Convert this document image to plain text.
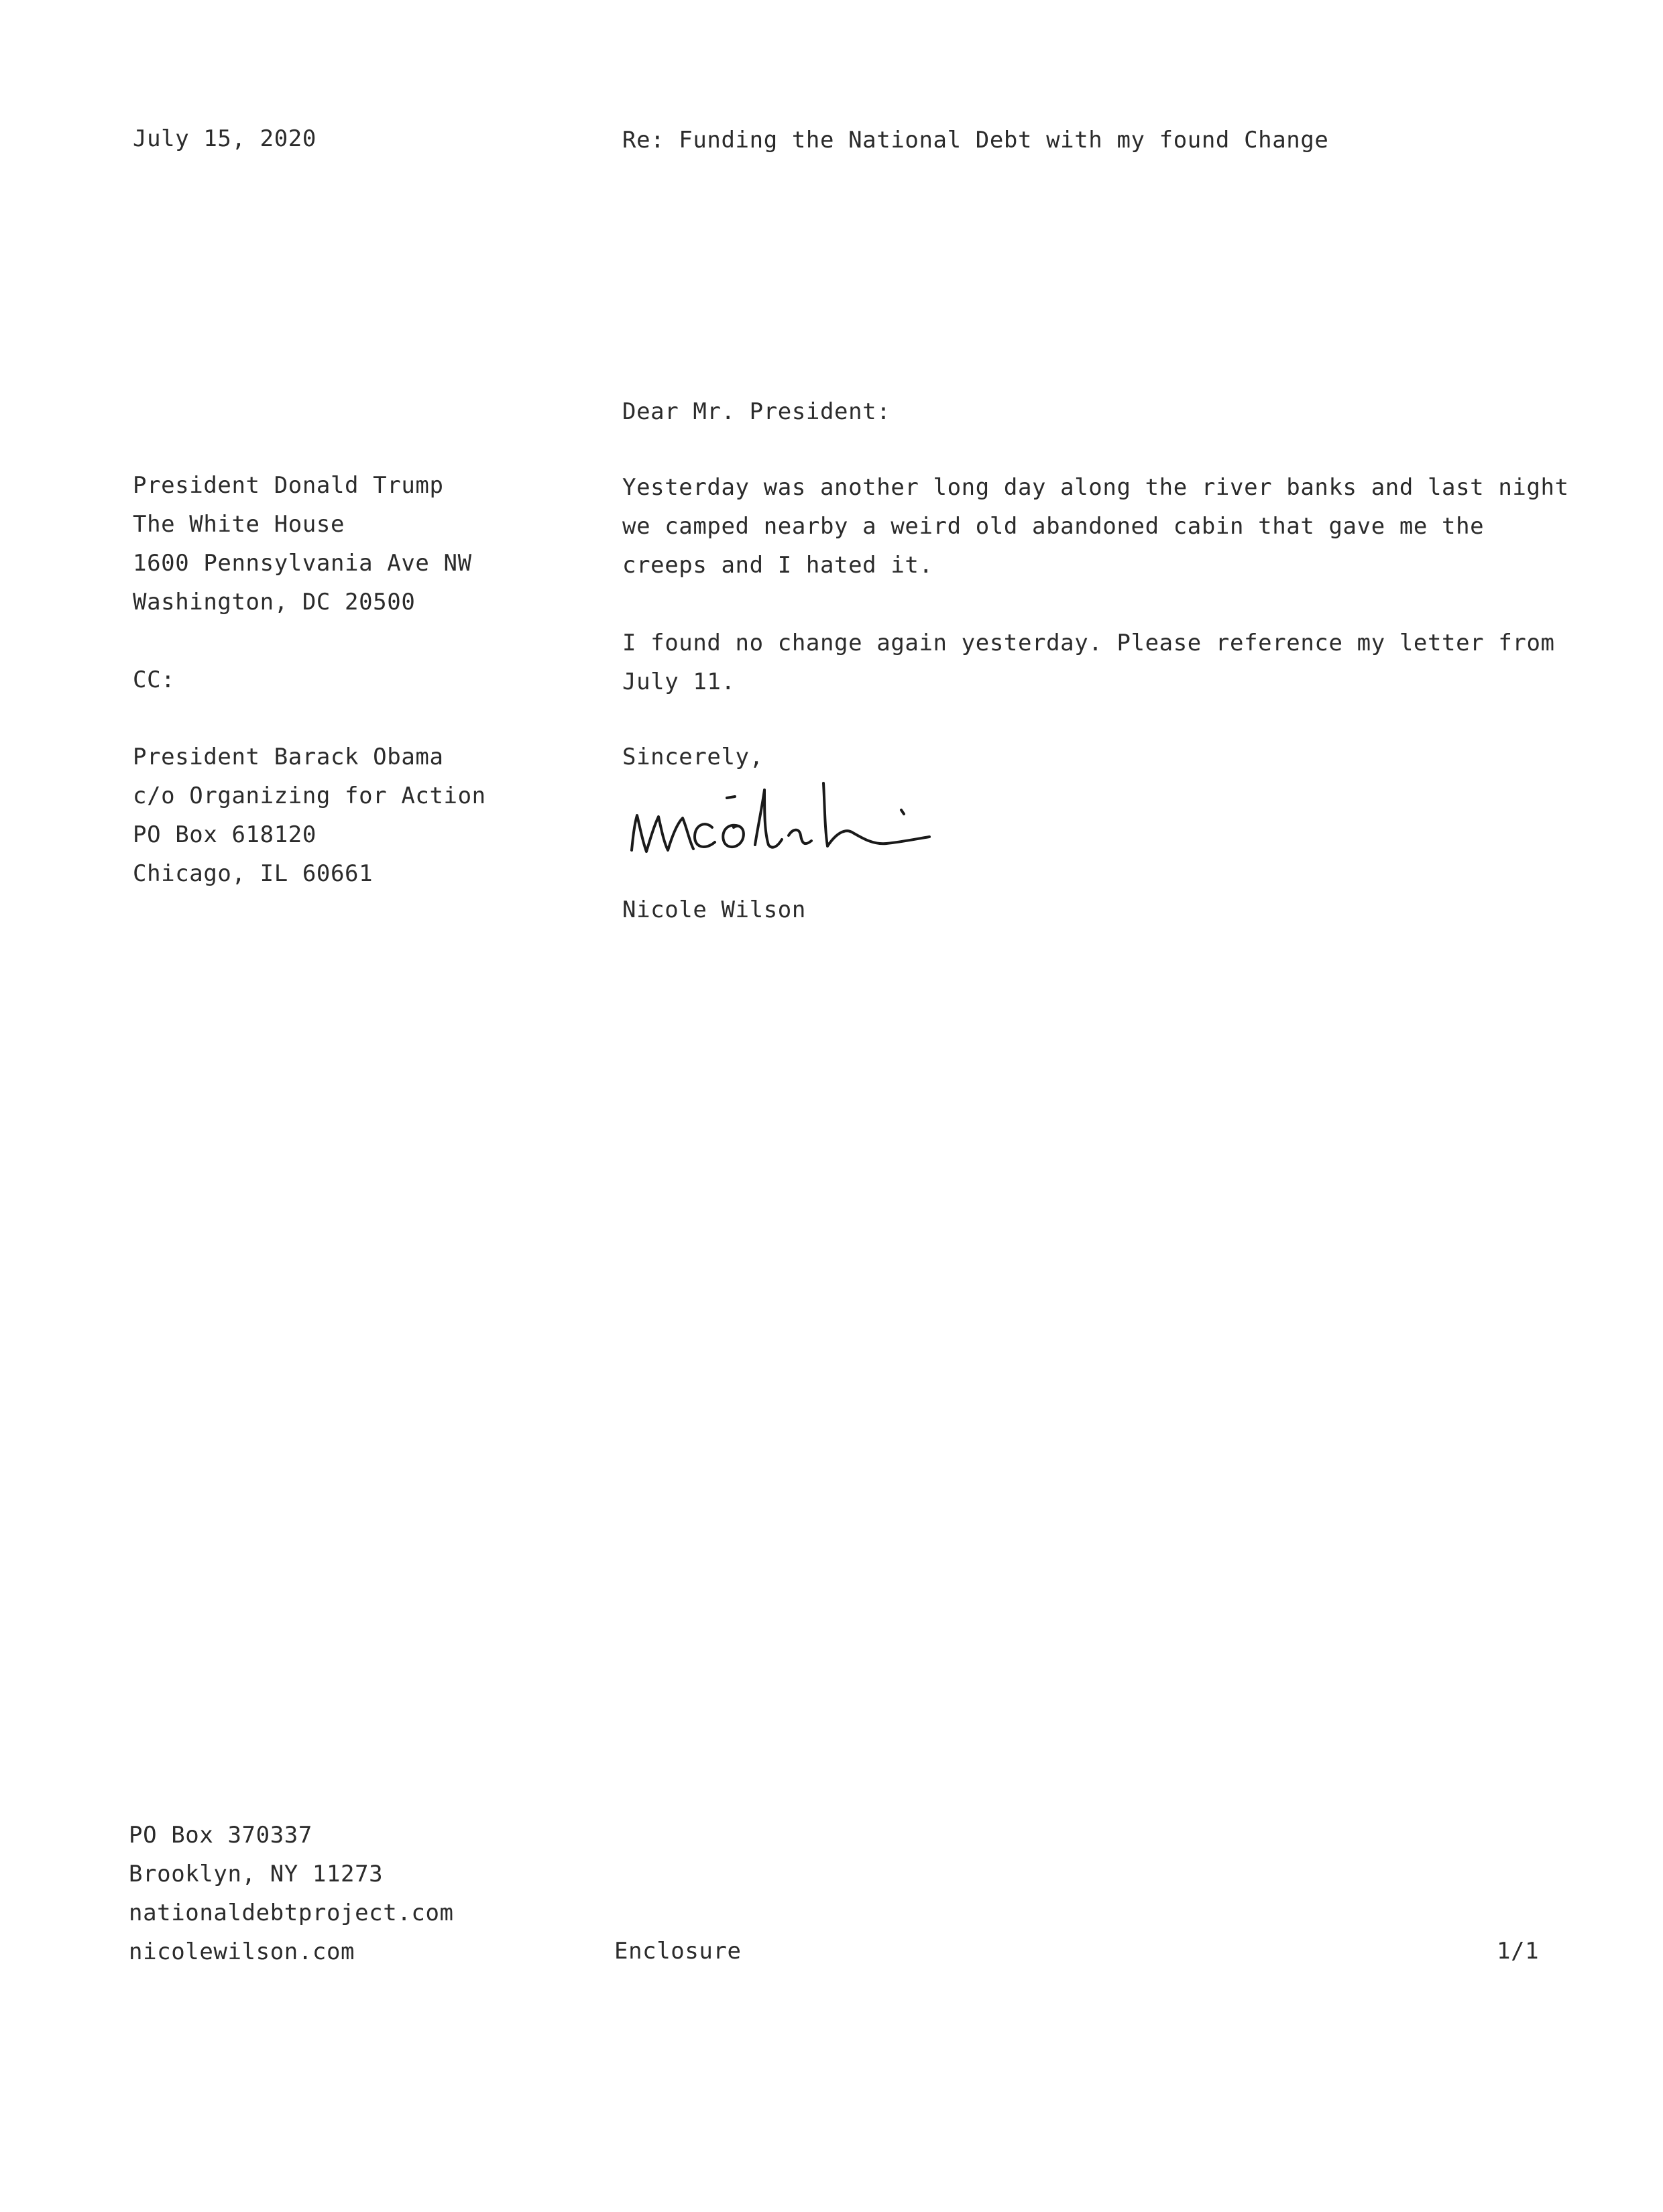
July 15, 2020	Re: Funding the National Debt with my found Change
Dear Mr. President:
President Donald Trump
The White House
1600 Pennsylvania Ave NW
Washington, DC 20500
CC:
President Barack Obama
c/o Organizing for Action
PO Box 618120
Chicago, IL 60661
Yesterday was another long day along the river banks and last night
we camped nearby a weird old abandoned cabin that gave me the
creeps and I hated it.
I found no change again yesterday. Please reference my letter from
July 11.
Sincerely,
Nicole Wilson
PO Box 370337
Brooklyn, NY 11273
nationaldebtproject.com
nicolewilson.com	Enclosure	1/1
